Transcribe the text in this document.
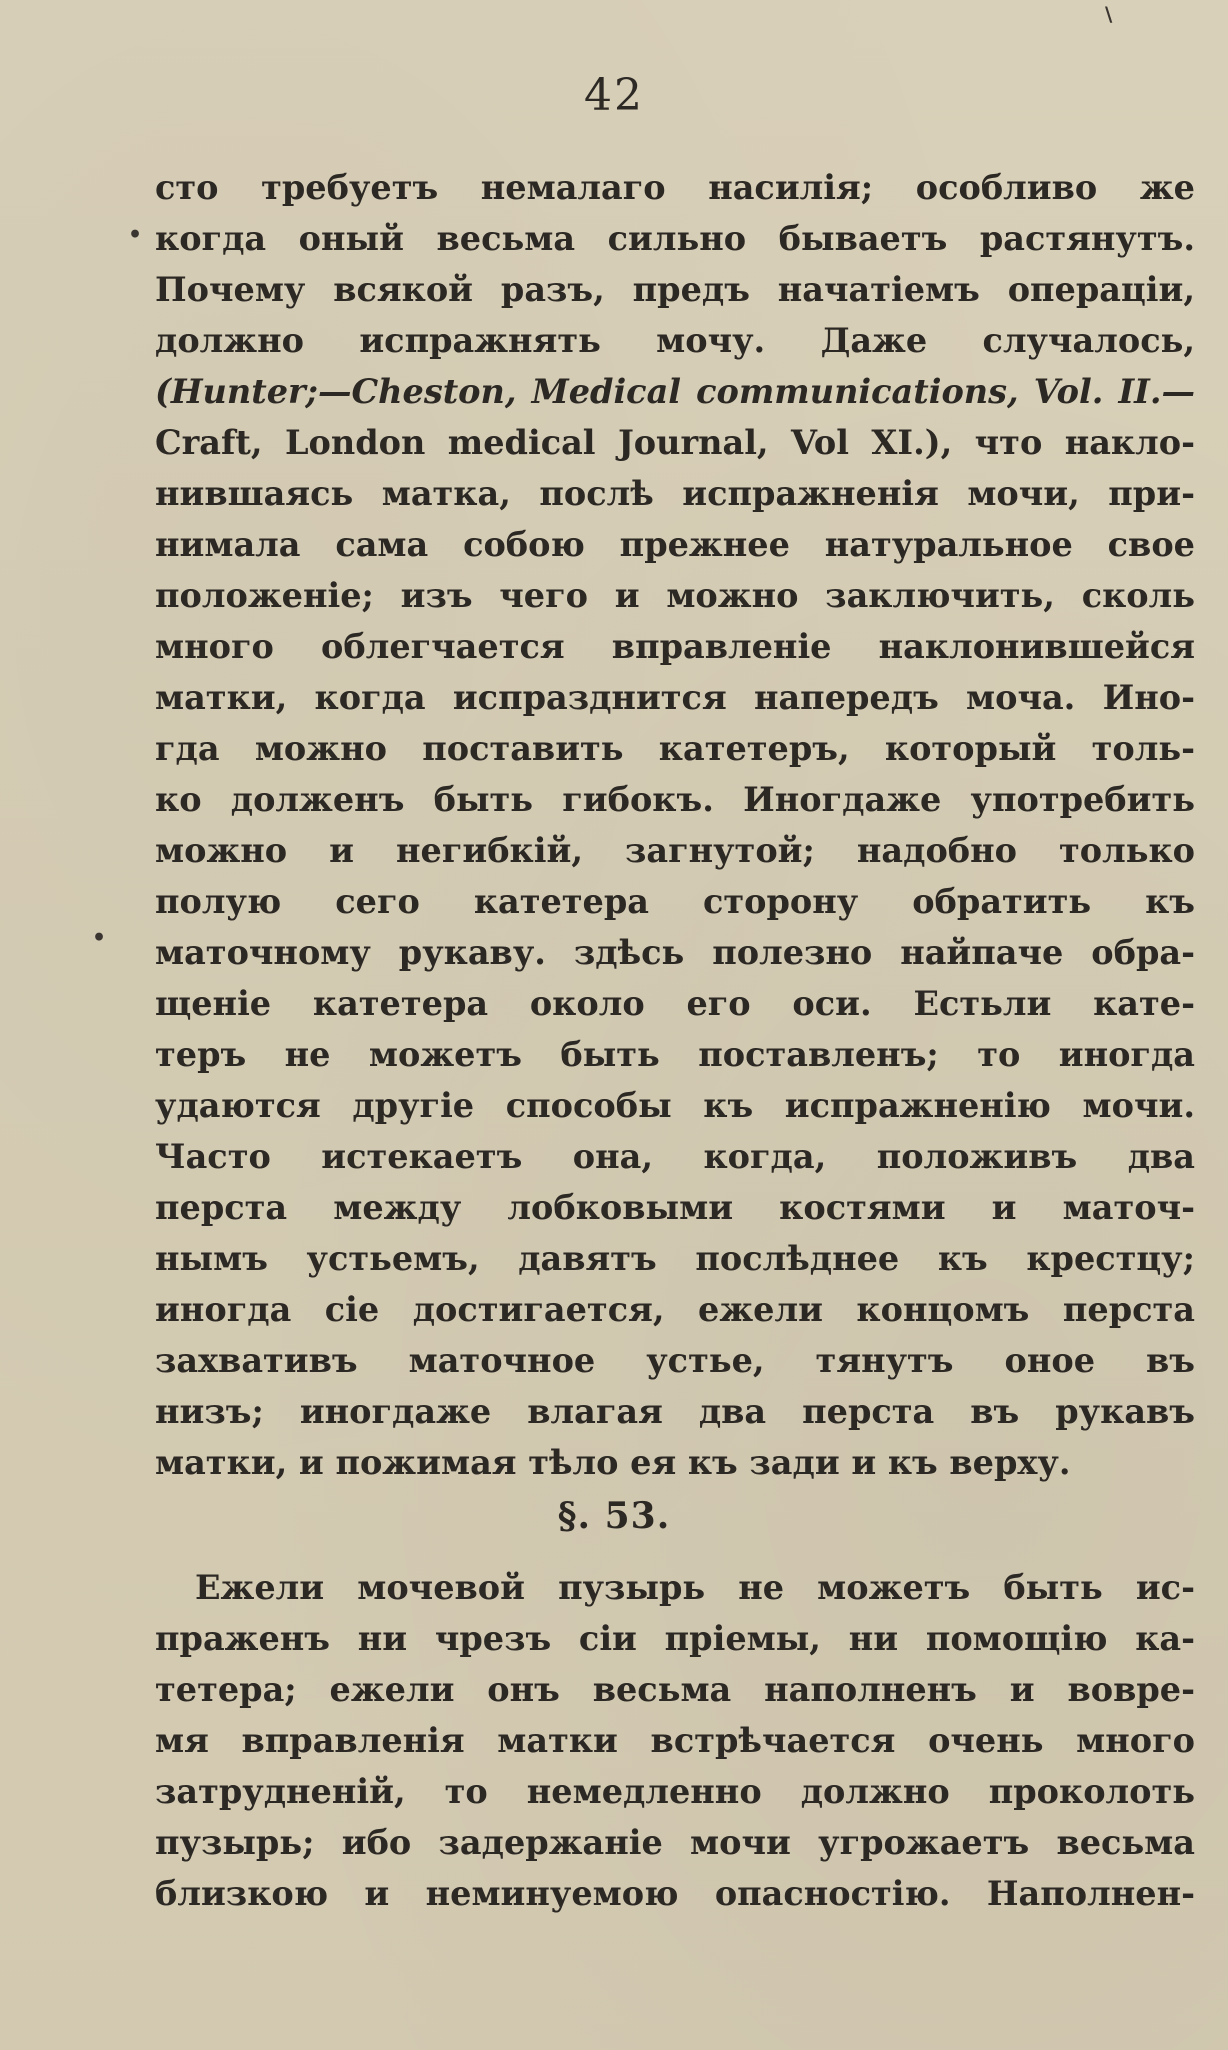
\
42
•
•
сто требуетъ немалаго насилія; особливо же
когда оный весьма сильно бываетъ растянутъ.
Почему всякой разъ, предъ начатіемъ операціи,
должно испражнять мочу. Даже случалось,
(Hunter;—Cheston, Medical communications, Vol. II.—
Craft, London medical Journal, Vol XI.), что накло-
нившаясь матка, послѣ испражненія мочи, при-
нимала сама собою прежнее натуральное свое
положеніе; изъ чего и можно заключить, сколь
много облегчается вправленіе наклонившейся
матки, когда испразднится напередъ моча. Ино-
гда можно поставить катетеръ, который толь-
ко долженъ быть гибокъ. Иногдаже употребить
можно и негибкій, загнутой; надобно только
полую сего катетера сторону обратить къ
маточному рукаву. здѣсь полезно найпаче обра-
щеніе катетера около его оси. Естьли кате-
теръ не можетъ быть поставленъ; то иногда
удаются другіе способы къ испражненію мочи.
Часто истекаетъ она, когда, положивъ два
перста между лобковыми костями и маточ-
нымъ устьемъ, давятъ послѣднее къ крестцу;
иногда сіе достигается, ежели концомъ перста
захвативъ маточное устье, тянутъ оное въ
низъ; иногдаже влагая два перста въ рукавъ
матки, и пожимая тѣло ея къ зади и къ верху.
§. 53.
Ежели мочевой пузырь не можетъ быть ис-
праженъ ни чрезъ сіи пріемы, ни помощію ка-
тетера; ежели онъ весьма наполненъ и вовре-
мя вправленія матки встрѣчается очень много
затрудненій, то немедленно должно проколоть
пузырь; ибо задержаніе мочи угрожаетъ весьма
близкою и неминуемою опасностію. Наполнен-
